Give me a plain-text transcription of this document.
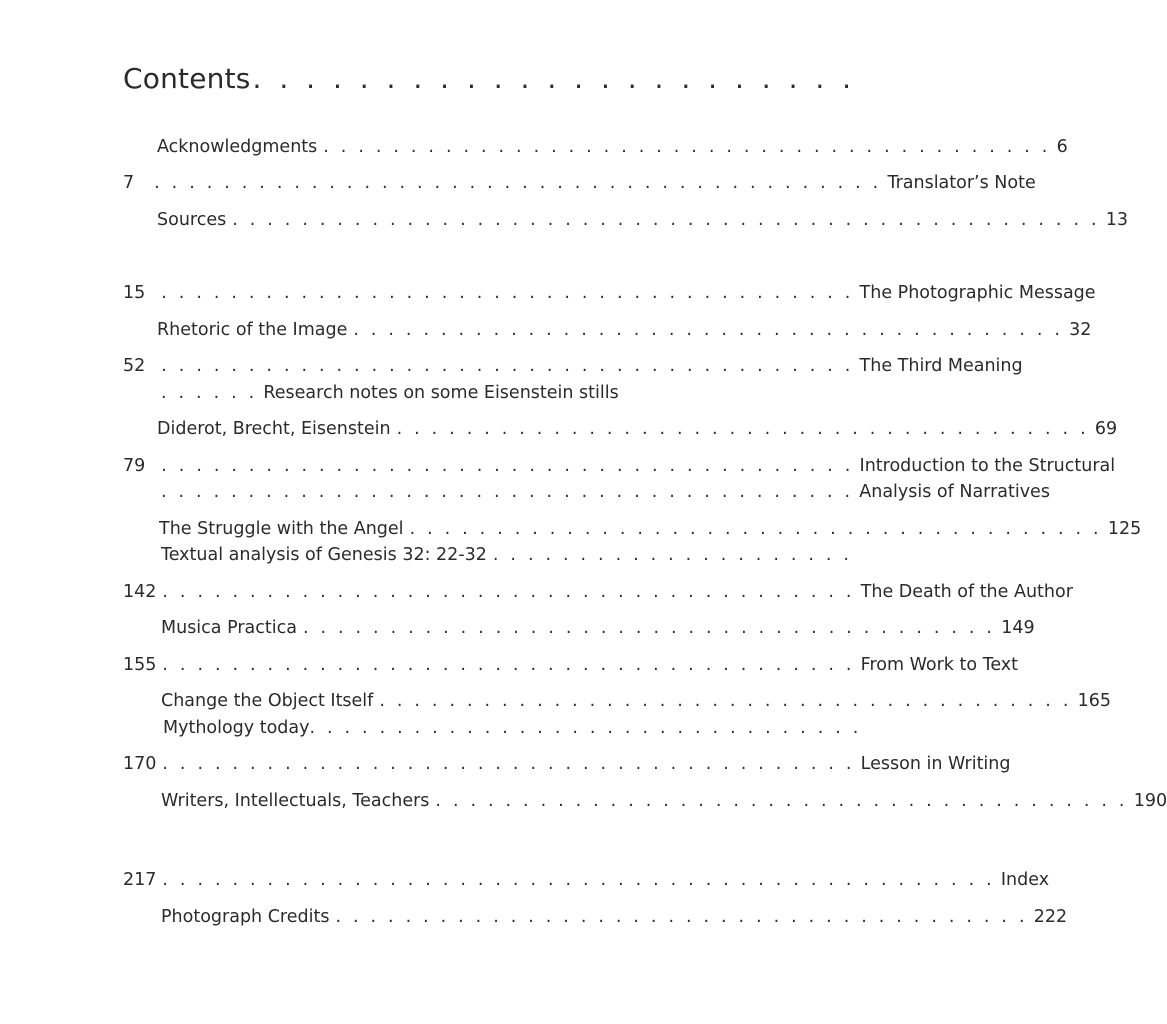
Contents. . . . . . . . . . . . . . . . . . . . . . .
Acknowledgments . . . . . . . . . . . . . . . . . . . . . . . . . . . . . . . . . . . . . . . . . . 6
7 . . . . . . . . . . . . . . . . . . . . . . . . . . . . . . . . . . . . . . . . . . Translator’s Note
Sources . . . . . . . . . . . . . . . . . . . . . . . . . . . . . . . . . . . . . . . . . . . . . . . . . . 13
15 . . . . . . . . . . . . . . . . . . . . . . . . . . . . . . . . . . . . . . . . The Photographic Message
Rhetoric of the Image . . . . . . . . . . . . . . . . . . . . . . . . . . . . . . . . . . . . . . . . . 32
52 . . . . . . . . . . . . . . . . . . . . . . . . . . . . . . . . . . . . . . . . The Third Meaning
. . . . . . Research notes on some Eisenstein stills
Diderot, Brecht, Eisenstein . . . . . . . . . . . . . . . . . . . . . . . . . . . . . . . . . . . . . . . . 69
79 . . . . . . . . . . . . . . . . . . . . . . . . . . . . . . . . . . . . . . . . Introduction to the Structural
. . . . . . . . . . . . . . . . . . . . . . . . . . . . . . . . . . . . . . . . Analysis of Narratives
The Struggle with the Angel . . . . . . . . . . . . . . . . . . . . . . . . . . . . . . . . . . . . . . . . 125
Textual analysis of Genesis 32: 22-32 . . . . . . . . . . . . . . . . . . . . .
142 . . . . . . . . . . . . . . . . . . . . . . . . . . . . . . . . . . . . . . . . The Death of the Author
Musica Practica . . . . . . . . . . . . . . . . . . . . . . . . . . . . . . . . . . . . . . . . 149
155 . . . . . . . . . . . . . . . . . . . . . . . . . . . . . . . . . . . . . . . . From Work to Text
Change the Object Itself . . . . . . . . . . . . . . . . . . . . . . . . . . . . . . . . . . . . . . . . 165
Mythology today . . . . . . . . . . . . . . . . . . . . . . . . . . . . . . . .
170 . . . . . . . . . . . . . . . . . . . . . . . . . . . . . . . . . . . . . . . . Lesson in Writing
Writers, Intellectuals, Teachers . . . . . . . . . . . . . . . . . . . . . . . . . . . . . . . . . . . . . . . . 190
217 . . . . . . . . . . . . . . . . . . . . . . . . . . . . . . . . . . . . . . . . . . . . . . . . Index
Photograph Credits . . . . . . . . . . . . . . . . . . . . . . . . . . . . . . . . . . . . . . . . 222
